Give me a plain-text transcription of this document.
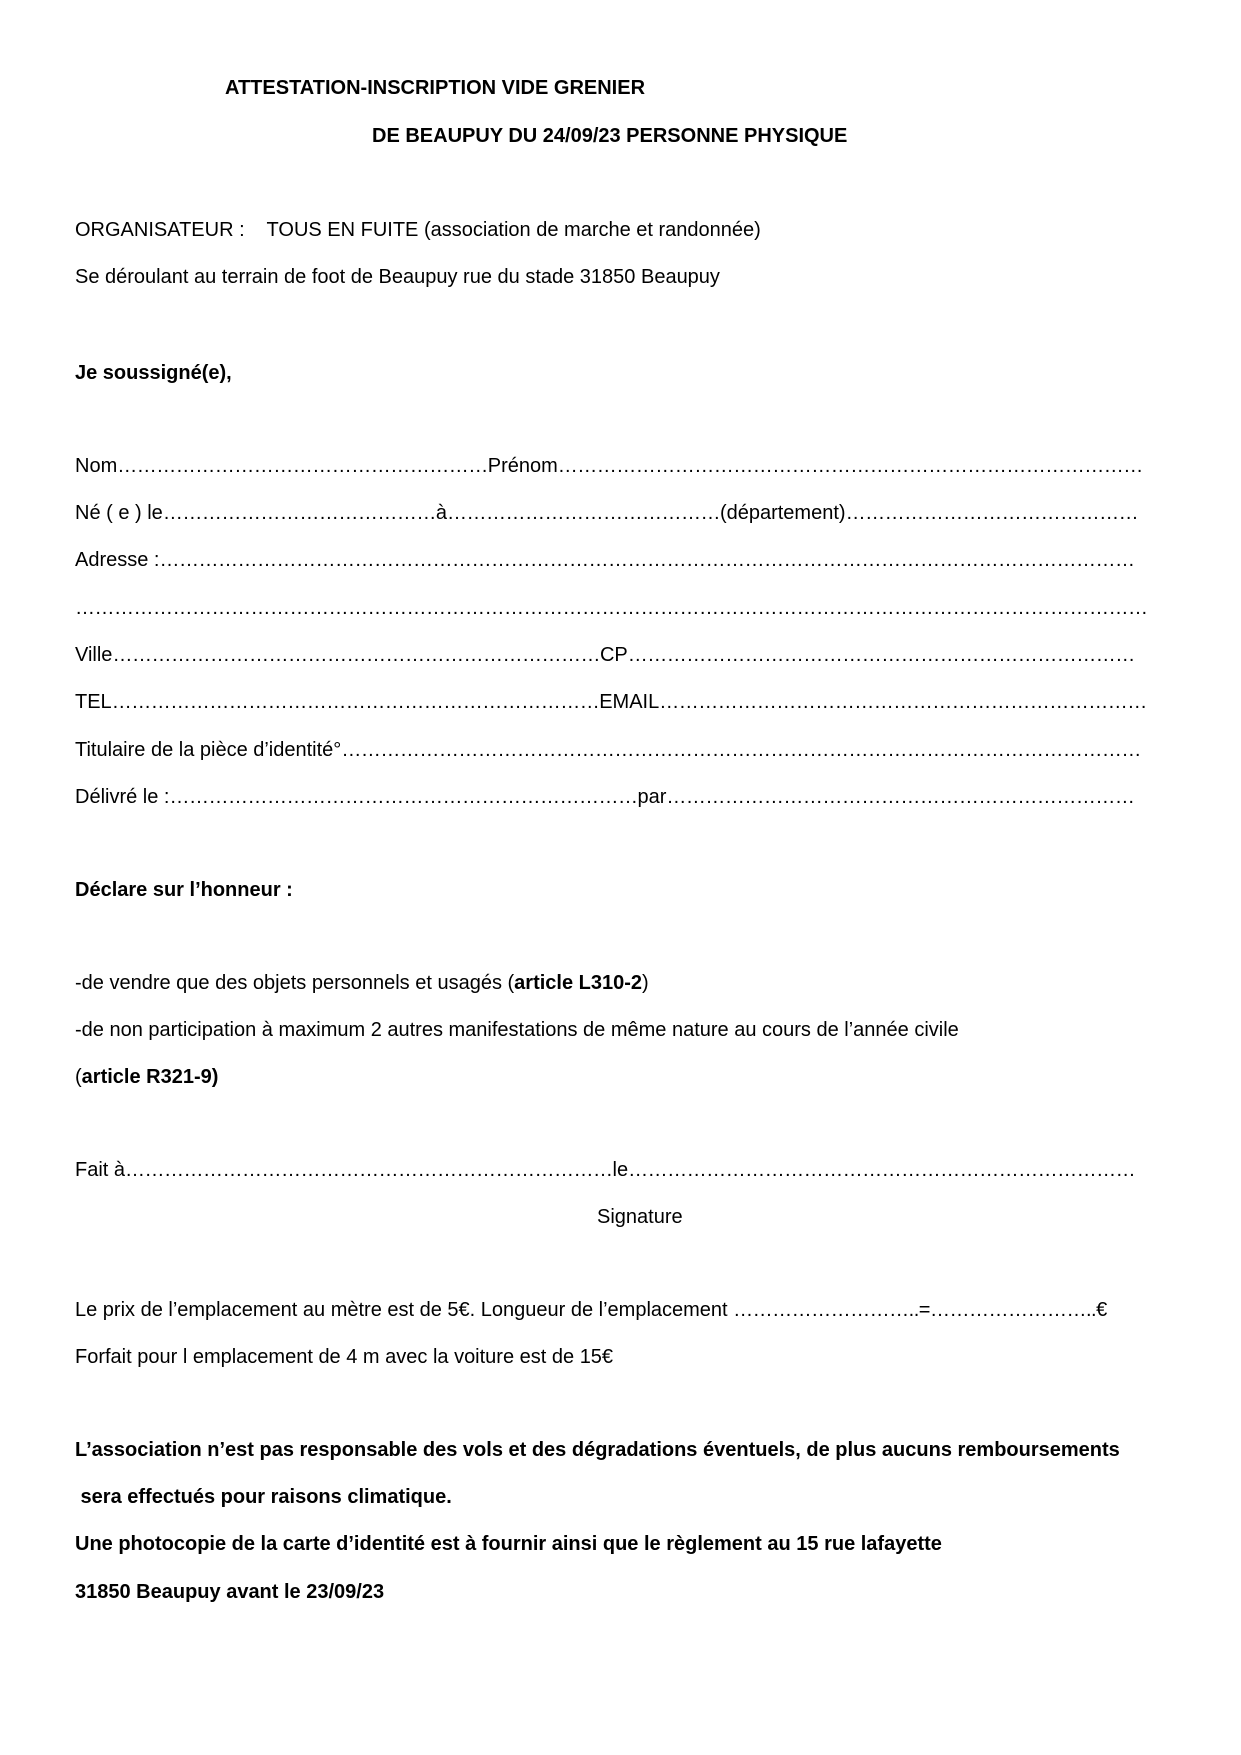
ATTESTATION-INSCRIPTION VIDE GRENIER
DE BEAUPUY DU 24/09/23 PERSONNE PHYSIQUE
ORGANISATEUR : TOUS EN FUITE (association de marche et randonnée)
Se déroulant au terrain de foot de Beaupuy rue du stade 31850 Beaupuy
Je soussigné(e),
Nom…………………………………………………Prénom………………………………………………………………………………
Né ( e ) le……………………………………à……………………………………(département)………………………………………
Adresse :……………………………………………………………………………………………………………………………………
…………………………………………………………………………………………………………………………………………………
Ville…………………………………………………………………CP……………………………………………………………………
TEL…………………………………………………………………EMAIL…………………………………………………………………
Titulaire de la pièce d’identité°……………………………………………………………………………………………………………
Délivré le :………………………………………………………………par………………………………………………………………
Déclare sur l’honneur :
-de vendre que des objets personnels et usagés (article L310-2)
-de non participation à maximum 2 autres manifestations de même nature au cours de l’année civile
(article R321-9)
Fait à…………………………………………………………………le……………………………………………………………………
Signature
Le prix de l’emplacement au mètre est de 5€. Longueur de l’emplacement ………………………..=……………………..€
Forfait pour l emplacement de 4 m avec la voiture est de 15€
L’association n’est pas responsable des vols et des dégradations éventuels, de plus aucuns remboursements
sera effectués pour raisons climatique.
Une photocopie de la carte d’identité est à fournir ainsi que le règlement au 15 rue lafayette
31850 Beaupuy avant le 23/09/23
